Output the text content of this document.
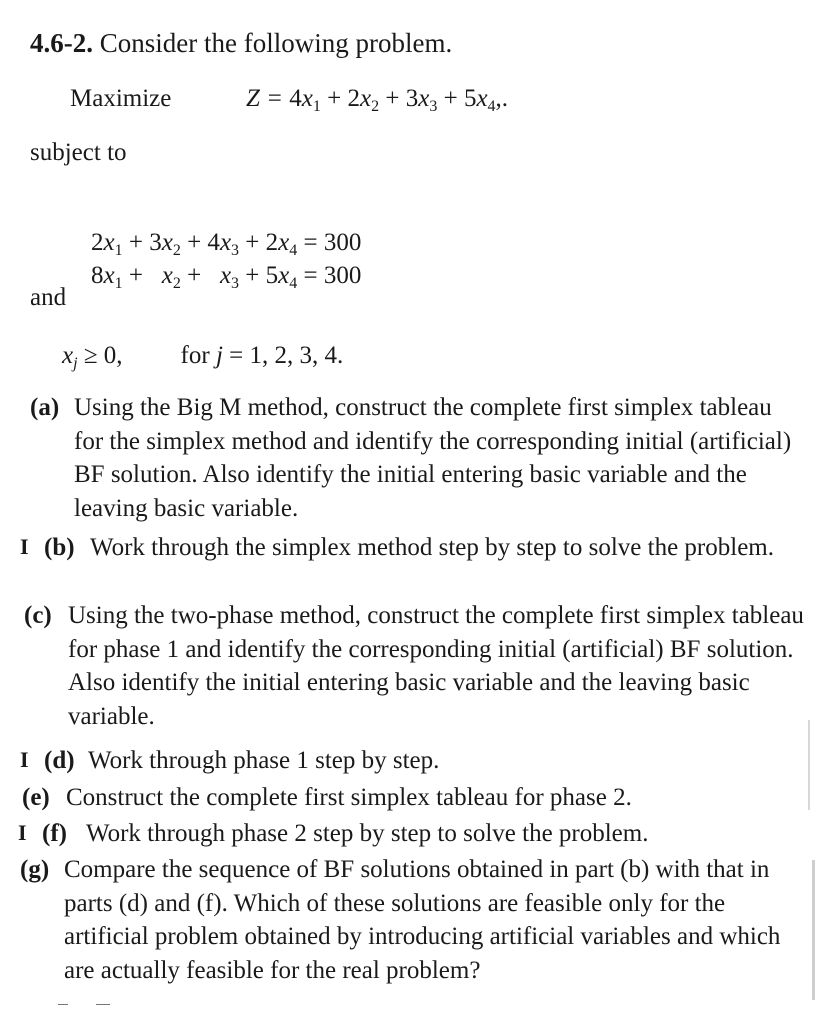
4.6-2. Consider the following problem.
Maximize	$Z = 4x_1 + 2x_2 + 3x_3 + 5x_4$,.
subject to

$2x_1 + 3x_2 + 4x_3 + 2x_4 = 300$

$8x_1 + x_2 + x_3 + 5x_4 = 300$

and
$x_j \ge 0$, for j = 1, 2, 3, 4.
(a) Using the Big M method, construct the complete first simplex tableau for the simplex method and identify the corresponding initial (artificial) BF solution. Also identify the initial entering basic variable and the leaving basic variable.
I (b) Work through the simplex method step by step to solve the problem.
(c) Using the two-phase method, construct the complete first simplex tableau for phase 1 and identify the corresponding initial (artificial) BF solution. Also identify the initial entering basic variable and the leaving basic variable.
I (d) Work through phase 1 step by step.
(e) Construct the complete first simplex tableau for phase 2.
I (f) Work through phase 2 step by step to solve the problem.
(g) Compare the sequence of BF solutions obtained in part (b) with that in parts (d) and (f). Which of these solutions are feasible only for the artificial problem obtained by introducing artificial variables and which are actually feasible for the real problem?
